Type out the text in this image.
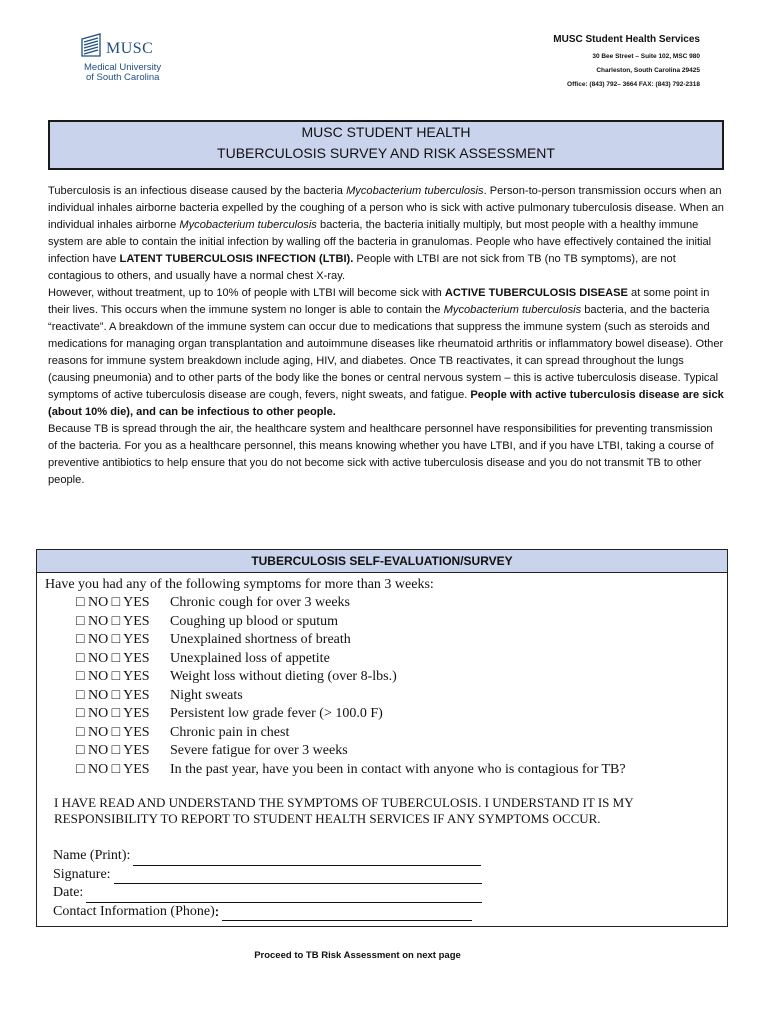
MUSC
Medical University
of South Carolina
MUSC Student Health Services
30 Bee Street – Suite 102, MSC 980
Charleston, South Carolina 29425
Office: (843) 792– 3664 FAX: (843) 792-2318
MUSC STUDENT HEALTH
TUBERCULOSIS SURVEY AND RISK ASSESSMENT

Tuberculosis is an infectious disease caused by the bacteria Mycobacterium tuberculosis. Person-to-person transmission occurs when an individual inhales airborne bacteria expelled by the coughing of a person who is sick with active pulmonary tuberculosis disease. When an individual inhales airborne Mycobacterium tuberculosis bacteria, the bacteria initially multiply, but most people with a healthy immune system are able to contain the initial infection by walling off the bacteria in granulomas. People who have effectively contained the initial infection have LATENT TUBERCULOSIS INFECTION (LTBI). People with LTBI are not sick from TB (no TB symptoms), are not contagious to others, and usually have a normal chest X-ray.

However, without treatment, up to 10% of people with LTBI will become sick with ACTIVE TUBERCULOSIS DISEASE at some point in their lives. This occurs when the immune system no longer is able to contain the Mycobacterium tuberculosis bacteria, and the bacteria “reactivate”. A breakdown of the immune system can occur due to medications that suppress the immune system (such as steroids and medications for managing organ transplantation and autoimmune diseases like rheumatoid arthritis or inflammatory bowel disease). Other reasons for immune system breakdown include aging, HIV, and diabetes. Once TB reactivates, it can spread throughout the lungs (causing pneumonia) and to other parts of the body like the bones or central nervous system – this is active tuberculosis disease. Typical symptoms of active tuberculosis disease are cough, fevers, night sweats, and fatigue. People with active tuberculosis disease are sick (about 10% die), and can be infectious to other people.

Because TB is spread through the air, the healthcare system and healthcare personnel have responsibilities for preventing transmission of the bacteria. For you as a healthcare personnel, this means knowing whether you have LTBI, and if you have LTBI, taking a course of preventive antibiotics to help ensure that you do not become sick with active tuberculosis disease and you do not transmit TB to other people.

TUBERCULOSIS SELF-EVALUATION/SURVEY
Have you had any of the following symptoms for more than 3 weeks:
□ NO □ YES	Chronic cough for over 3 weeks
□ NO □ YES	Coughing up blood or sputum
□ NO □ YES	Unexplained shortness of breath
□ NO □ YES	Unexplained loss of appetite
□ NO □ YES	Weight loss without dieting (over 8-lbs.)
□ NO □ YES	Night sweats
□ NO □ YES	Persistent low grade fever (> 100.0 F)
□ NO □ YES	Chronic pain in chest
□ NO □ YES	Severe fatigue for over 3 weeks
□ NO □ YES	In the past year, have you been in contact with anyone who is contagious for TB?
I HAVE READ AND UNDERSTAND THE SYMPTOMS OF TUBERCULOSIS. I UNDERSTAND IT IS MY RESPONSIBILITY TO REPORT TO STUDENT HEALTH SERVICES IF ANY SYMPTOMS OCCUR.
Name (Print):
Signature:
Date:
Contact Information (Phone) :
Proceed to TB Risk Assessment on next page
